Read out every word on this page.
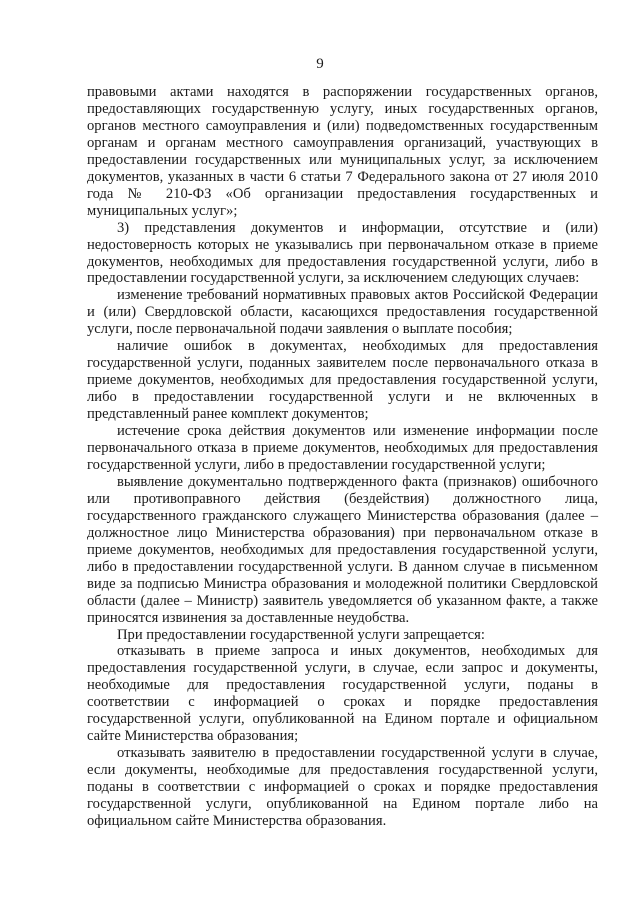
9

правовыми актами находятся в распоряжении государственных органов, предоставляющих государственную услугу, иных государственных органов, органов местного самоуправления и (или) подведомственных государственным органам и органам местного самоуправления организаций, участвующих в предоставлении государственных или муниципальных услуг, за исключением документов, указанных в части 6 статьи 7 Федерального закона от 27 июля 2010 года № 210-ФЗ «Об организации предоставления государственных и муниципальных услуг»;

3) представления документов и информации, отсутствие и (или) недостоверность которых не указывались при первоначальном отказе в приеме документов, необходимых для предоставления государственной услуги, либо в предоставлении государственной услуги, за исключением следующих случаев:

изменение требований нормативных правовых актов Российской Федерации и (или) Свердловской области, касающихся предоставления государственной услуги, после первоначальной подачи заявления о выплате пособия;

наличие ошибок в документах, необходимых для предоставления государственной услуги, поданных заявителем после первоначального отказа в приеме документов, необходимых для предоставления государственной услуги, либо в предоставлении государственной услуги и не включенных в представленный ранее комплект документов;

истечение срока действия документов или изменение информации после первоначального отказа в приеме документов, необходимых для предоставления государственной услуги, либо в предоставлении государственной услуги;

выявление документально подтвержденного факта (признаков) ошибочного или противоправного действия (бездействия) должностного лица, государственного гражданского служащего Министерства образования (далее – должностное лицо Министерства образования) при первоначальном отказе в приеме документов, необходимых для предоставления государственной услуги, либо в предоставлении государственной услуги. В данном случае в письменном виде за подписью Министра образования и молодежной политики Свердловской области (далее – Министр) заявитель уведомляется об указанном факте, а также приносятся извинения за доставленные неудобства.

При предоставлении государственной услуги запрещается:

отказывать в приеме запроса и иных документов, необходимых для предоставления государственной услуги, в случае, если запрос и документы, необходимые для предоставления государственной услуги, поданы в соответствии с информацией о сроках и порядке предоставления государственной услуги, опубликованной на Едином портале и официальном сайте Министерства образования;

отказывать заявителю в предоставлении государственной услуги в случае, если документы, необходимые для предоставления государственной услуги, поданы в соответствии с информацией о сроках и порядке предоставления государственной услуги, опубликованной на Едином портале либо на официальном сайте Министерства образования.
